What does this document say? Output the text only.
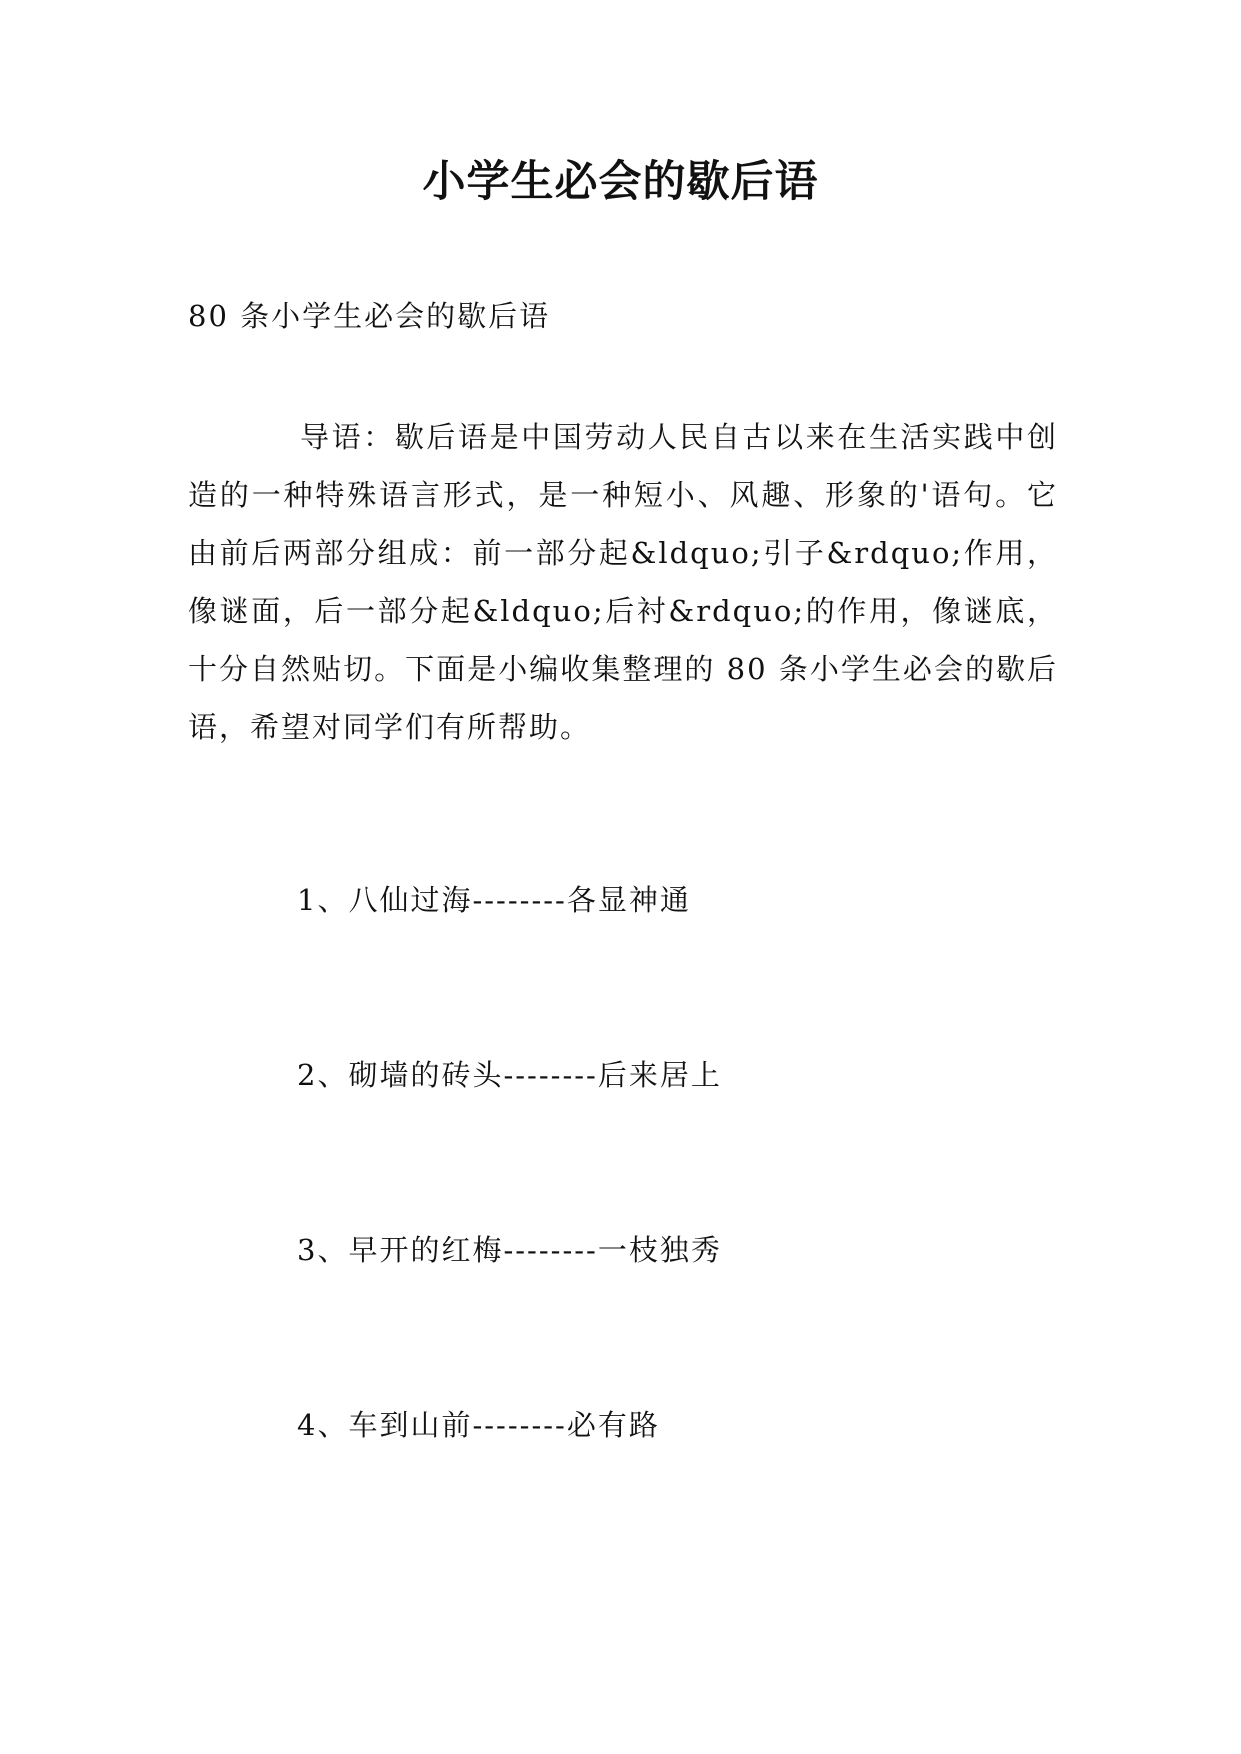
小学生必会的歇后语
80 条小学生必会的歇后语
导语：歇后语是中国劳动人民自古以来在生活实践中创造的一种特殊语言形式，是一种短小、风趣、形象的'语句。它由前后两部分组成：前一部分起&ldquo;引子&rdquo;作用，像谜面，后一部分起&ldquo;后衬&rdquo;的作用，像谜底，十分自然贴切。下面是小编收集整理的 80 条小学生必会的歇后语，希望对同学们有所帮助。
1、八仙过海--------各显神通
2、砌墙的砖头--------后来居上
3、早开的红梅--------一枝独秀
4、车到山前--------必有路
